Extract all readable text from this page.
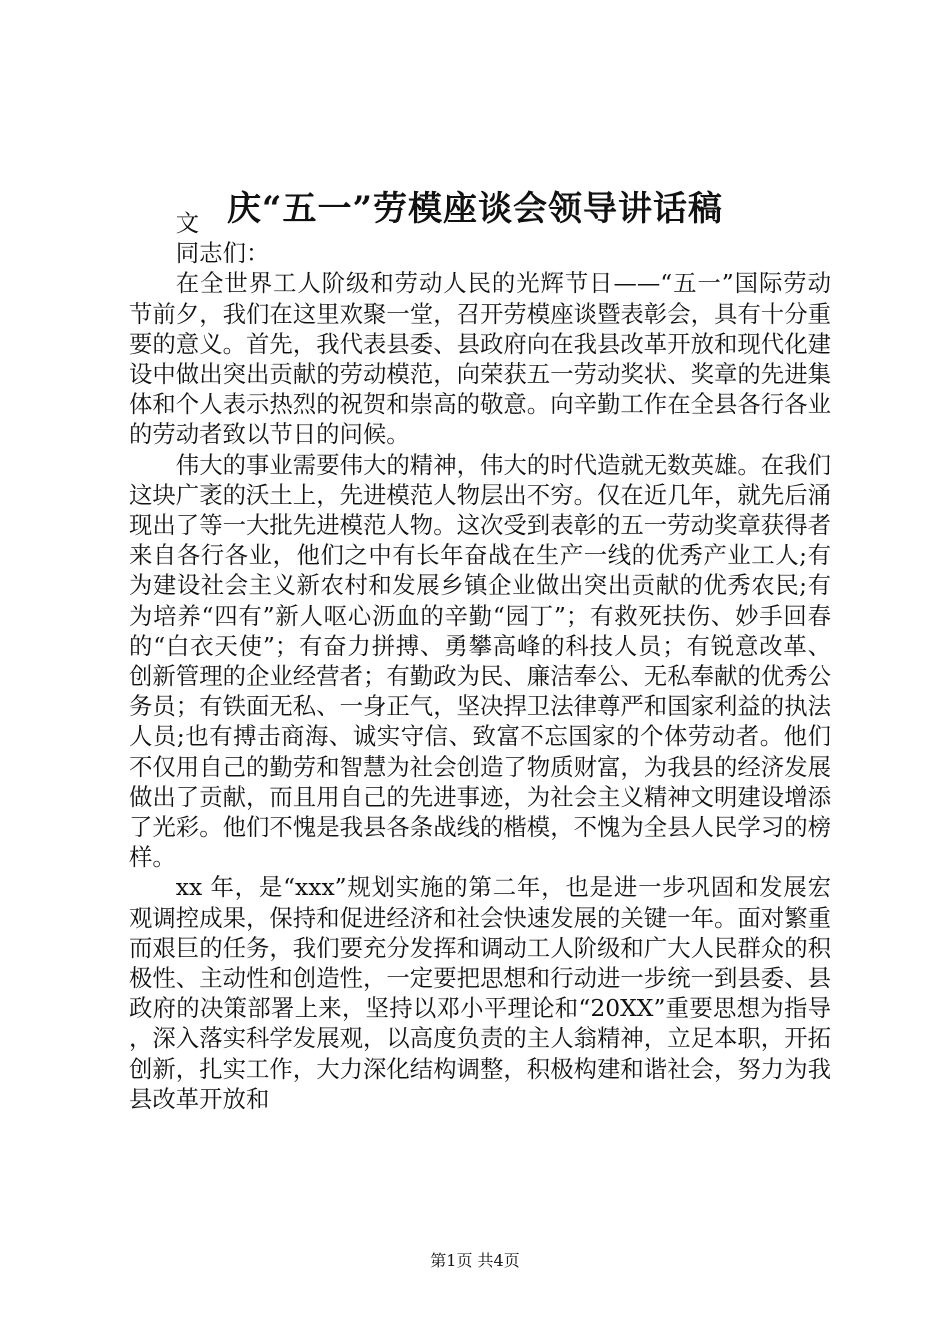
庆“五一”劳模座谈会领导讲话稿

文

同志们：

在全世界工人阶级和劳动人民的光辉节日——“五一”国际劳动节前夕，我们在这里欢聚一堂，召开劳模座谈暨表彰会，具有十分重要的意义。首先，我代表县委、县政府向在我县改革开放和现代化建设中做出突出贡献的劳动模范，向荣获五一劳动奖状、奖章的先进集体和个人表示热烈的祝贺和崇高的敬意。向辛勤工作在全县各行各业的劳动者致以节日的问候。

伟大的事业需要伟大的精神，伟大的时代造就无数英雄。在我们这块广袤的沃土上，先进模范人物层出不穷。仅在近几年，就先后涌现出了等一大批先进模范人物。这次受到表彰的五一劳动奖章获得者来自各行各业，他们之中有长年奋战在生产一线的优秀产业工人;有为建设社会主义新农村和发展乡镇企业做出突出贡献的优秀农民;有为培养“四有”新人呕心沥血的辛勤“园丁”；有救死扶伤、妙手回春的“白衣天使”；有奋力拼搏、勇攀高峰的科技人员；有锐意改革、创新管理的企业经营者；有勤政为民、廉洁奉公、无私奉献的优秀公务员；有铁面无私、一身正气，坚决捍卫法律尊严和国家利益的执法人员;也有搏击商海、诚实守信、致富不忘国家的个体劳动者。他们不仅用自己的勤劳和智慧为社会创造了物质财富，为我县的经济发展做出了贡献，而且用自己的先进事迹，为社会主义精神文明建设增添了光彩。他们不愧是我县各条战线的楷模，不愧为全县人民学习的榜样。

xx 年，是“xxx”规划实施的第二年，也是进一步巩固和发展宏观调控成果，保持和促进经济和社会快速发展的关键一年。面对繁重而艰巨的任务，我们要充分发挥和调动工人阶级和广大人民群众的积极性、主动性和创造性，一定要把思想和行动进一步统一到县委、县政府的决策部署上来，坚持以邓小平理论和“20XX”重要思想为指导，深入落实科学发展观，以高度负责的主人翁精神，立足本职，开拓创新，扎实工作，大力深化结构调整，积极构建和谐社会，努力为我县改革开放和

第1页 共4页
